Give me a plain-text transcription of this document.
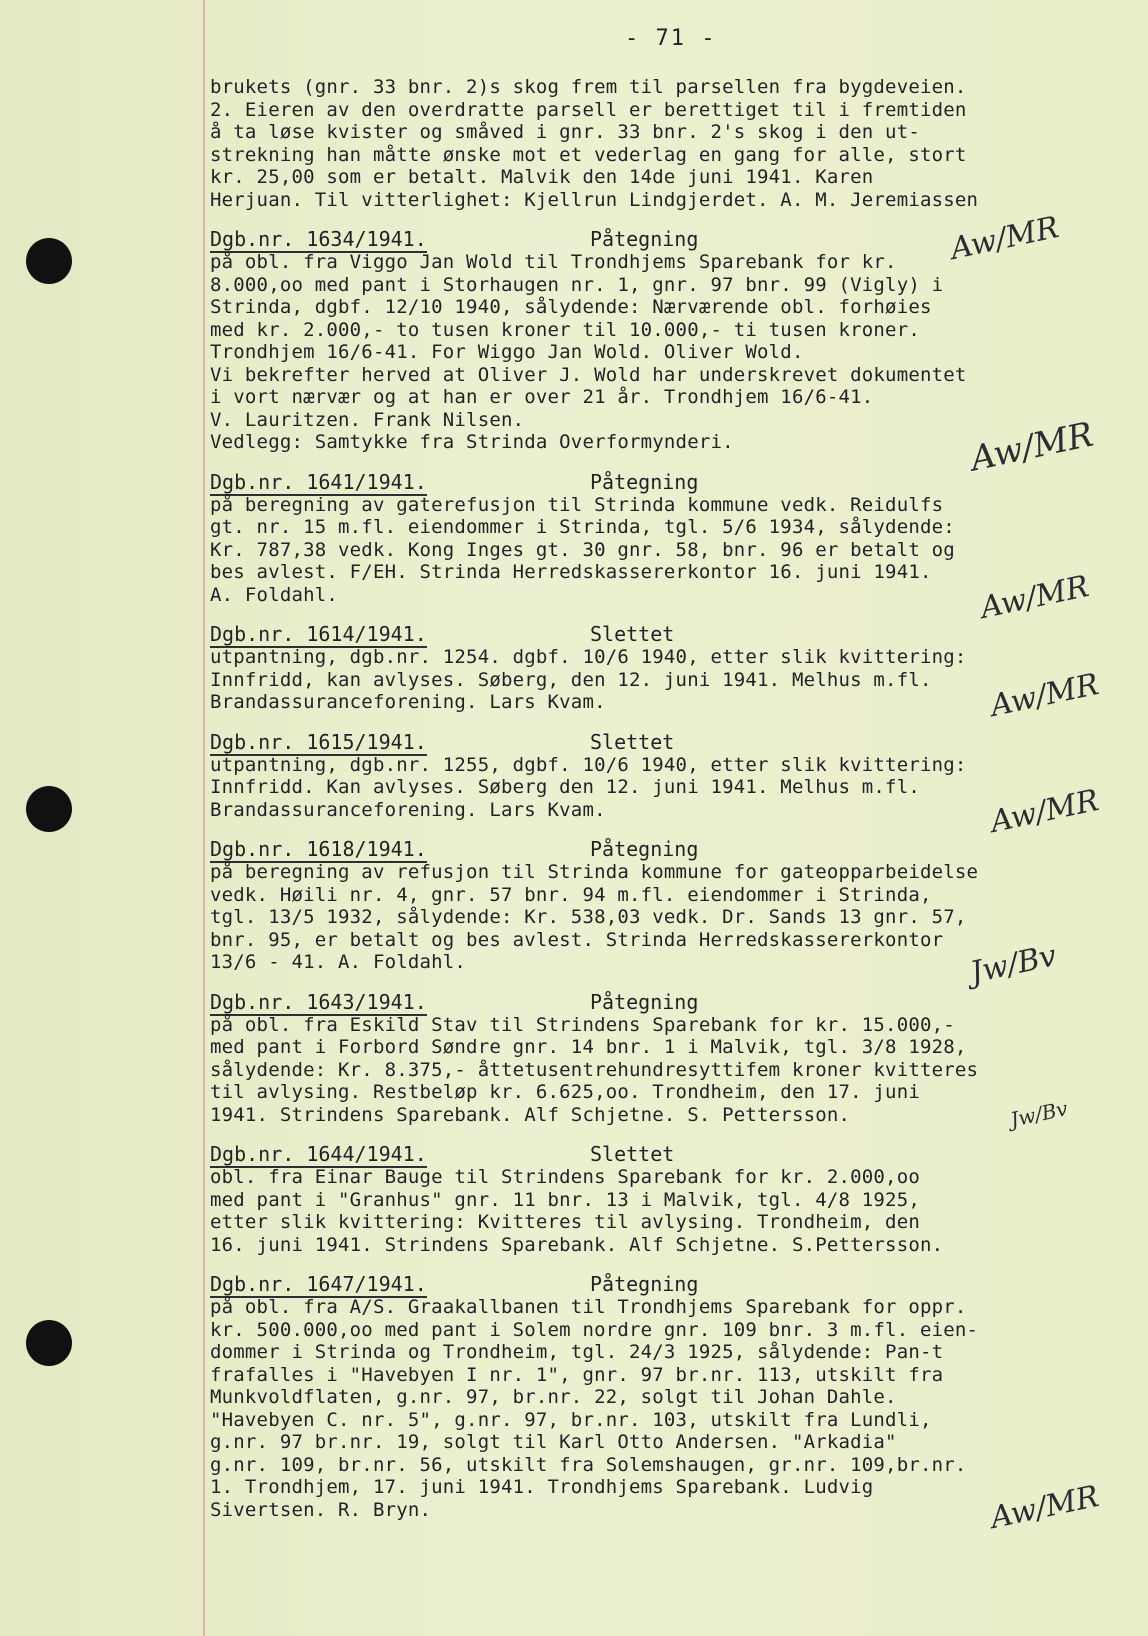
- 71 -

brukets (gnr. 33 bnr. 2)s skog frem til parsellen fra bygdeveien.

2. Eieren av den overdratte parsell er berettiget til i fremtiden

å ta løse kvister og småved i gnr. 33 bnr. 2's skog i den ut-

strekning han måtte ønske mot et vederlag en gang for alle, stort

kr. 25,00 som er betalt. Malvik den 14de juni 1941. Karen

Herjuan. Til vitterlighet: Kjellrun Lindgjerdet. A. M. Jeremiassen

Dgb.nr. 1634/1941.	Påtegning	Aw/MR

på obl. fra Viggo Jan Wold til Trondhjems Sparebank for kr.

8.000,oo med pant i Storhaugen nr. 1, gnr. 97 bnr. 99 (Vigly) i

Strinda, dgbf. 12/10 1940, sålydende: Nærværende obl. forhøies

med kr. 2.000,- to tusen kroner til 10.000,- ti tusen kroner.

Trondhjem 16/6-41. For Wiggo Jan Wold. Oliver Wold.

Vi bekrefter herved at Oliver J. Wold har underskrevet dokumentet

i vort nærvær og at han er over 21 år. Trondhjem 16/6-41.

V. Lauritzen. Frank Nilsen.

Vedlegg: Samtykke fra Strinda Overformynderi.	Aw/MR
Dgb.nr. 1641/1941.	Påtegning

på beregning av gaterefusjon til Strinda kommune vedk. Reidulfs

gt. nr. 15 m.fl. eiendommer i Strinda, tgl. 5/6 1934, sålydende:

Kr. 787,38 vedk. Kong Inges gt. 30 gnr. 58, bnr. 96 er betalt og

bes avlest. F/EH. Strinda Herredskassererkontor 16. juni 1941.

A. Foldahl.	Aw/MR
Dgb.nr. 1614/1941.	Slettet

utpantning, dgb.nr. 1254. dgbf. 10/6 1940, etter slik kvittering:

Innfridd, kan avlyses. Søberg, den 12. juni 1941. Melhus m.fl.

Brandassuranceforening. Lars Kvam.	Aw/MR
Dgb.nr. 1615/1941.	Slettet

utpantning, dgb.nr. 1255, dgbf. 10/6 1940, etter slik kvittering:

Innfridd. Kan avlyses. Søberg den 12. juni 1941. Melhus m.fl.

Brandassuranceforening. Lars Kvam.	Aw/MR
Dgb.nr. 1618/1941.	Påtegning

på beregning av refusjon til Strinda kommune for gateopparbeidelse

vedk. Høili nr. 4, gnr. 57 bnr. 94 m.fl. eiendommer i Strinda,

tgl. 13/5 1932, sålydende: Kr. 538,03 vedk. Dr. Sands 13 gnr. 57,

bnr. 95, er betalt og bes avlest. Strinda Herredskassererkontor

13/6 - 41. A. Foldahl.	Jw/Bv
Dgb.nr. 1643/1941.	Påtegning

på obl. fra Eskild Stav til Strindens Sparebank for kr. 15.000,-

med pant i Forbord Søndre gnr. 14 bnr. 1 i Malvik, tgl. 3/8 1928,

sålydende: Kr. 8.375,- åttetusentrehundresyttifem kroner kvitteres

til avlysing. Restbeløp kr. 6.625,oo. Trondheim, den 17. juni

1941. Strindens Sparebank. Alf Schjetne. S. Pettersson.	Jw/Bv
Dgb.nr. 1644/1941.	Slettet

obl. fra Einar Bauge til Strindens Sparebank for kr. 2.000,oo

med pant i "Granhus" gnr. 11 bnr. 13 i Malvik, tgl. 4/8 1925,

etter slik kvittering: Kvitteres til avlysing. Trondheim, den

16. juni 1941. Strindens Sparebank. Alf Schjetne. S.Pettersson.

Dgb.nr. 1647/1941.	Påtegning

på obl. fra A/S. Graakallbanen til Trondhjems Sparebank for oppr.

kr. 500.000,oo med pant i Solem nordre gnr. 109 bnr. 3 m.fl. eien-

dommer i Strinda og Trondheim, tgl. 24/3 1925, sålydende: Pan-t

frafalles i "Havebyen I nr. 1", gnr. 97 br.nr. 113, utskilt fra

Munkvoldflaten, g.nr. 97, br.nr. 22, solgt til Johan Dahle.

"Havebyen C. nr. 5", g.nr. 97, br.nr. 103, utskilt fra Lundli,

g.nr. 97 br.nr. 19, solgt til Karl Otto Andersen. "Arkadia"

g.nr. 109, br.nr. 56, utskilt fra Solemshaugen, gr.nr. 109,br.nr.

1. Trondhjem, 17. juni 1941. Trondhjems Sparebank. Ludvig

Sivertsen. R. Bryn.	Aw/MR
